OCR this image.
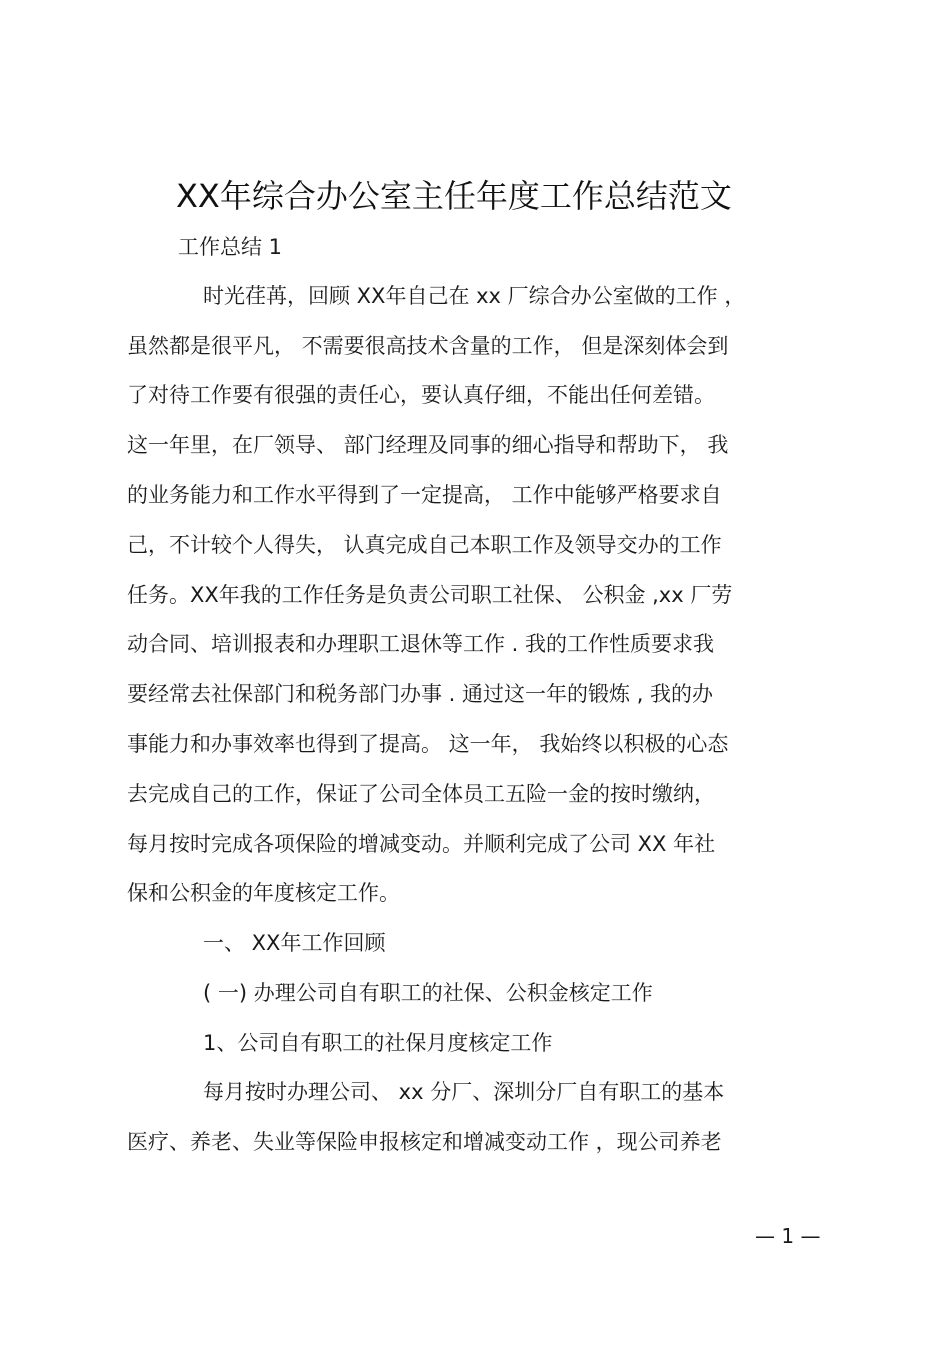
XX年综合办公室主任年度工作总结范文
工作总结 1
时光荏苒，回顾 XX年自己在 xx 厂综合办公室做的工作 ，
虽然都是很平凡， 不需要很高技术含量的工作， 但是深刻体会到
了对待工作要有很强的责任心，要认真仔细，不能出任何差错。
这一年里，在厂领导、 部门经理及同事的细心指导和帮助下， 我
的业务能力和工作水平得到了一定提高， 工作中能够严格要求自
己，不计较个人得失， 认真完成自己本职工作及领导交办的工作
任务。XX年我的工作任务是负责公司职工社保、 公积金 ,xx 厂劳
动合同、培训报表和办理职工退休等工作 . 我的工作性质要求我
要经常去社保部门和税务部门办事 . 通过这一年的锻炼 , 我的办
事能力和办事效率也得到了提高。 这一年， 我始终以积极的心态
去完成自己的工作，保证了公司全体员工五险一金的按时缴纳，
每月按时完成各项保险的增减变动。并顺利完成了公司 XX 年社
保和公积金的年度核定工作。
一、 XX年工作回顾
( 一) 办理公司自有职工的社保、公积金核定工作
1、公司自有职工的社保月度核定工作
每月按时办理公司、 xx 分厂、深圳分厂自有职工的基本
医疗、养老、失业等保险申报核定和增减变动工作 ，现公司养老
— 1 —
